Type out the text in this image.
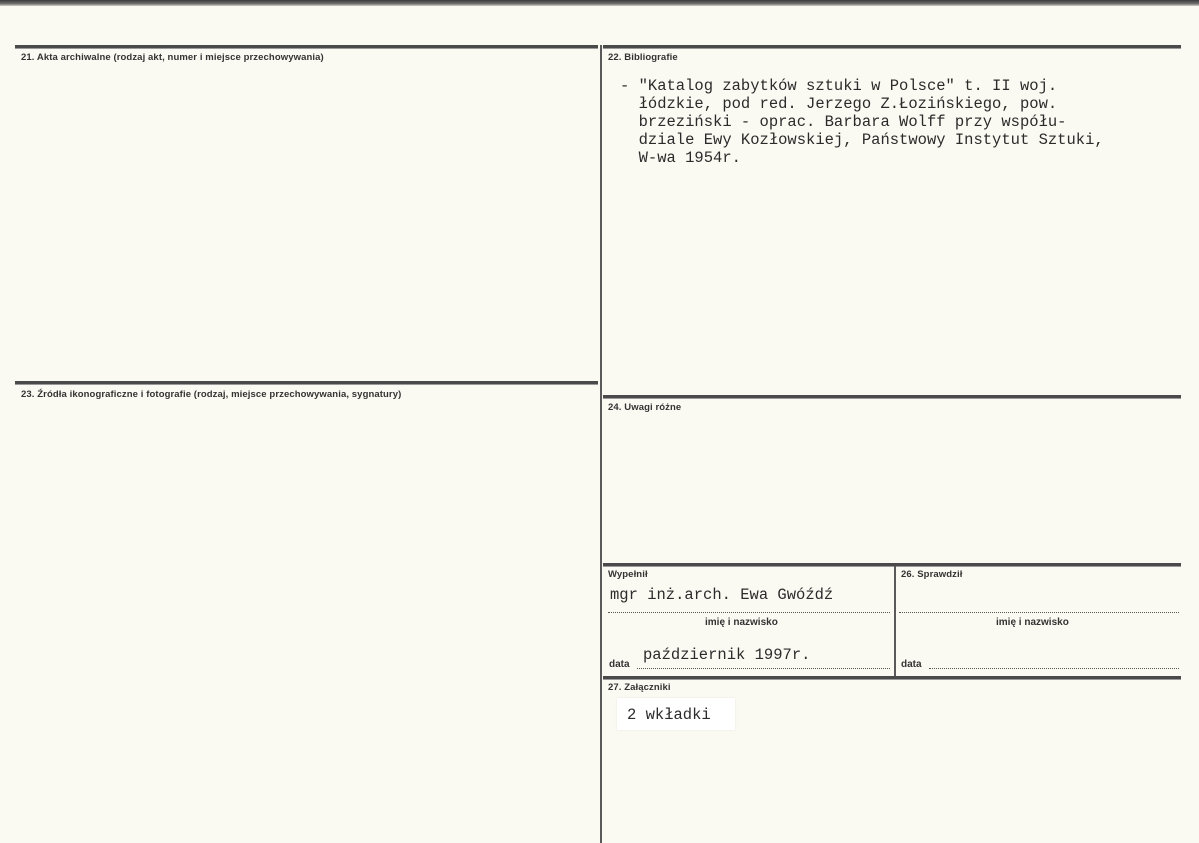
21. Akta archiwalne (rodzaj akt, numer i miejsce przechowywania)	22. Bibliografie
- "Katalog zabytków sztuki w Polsce" t. II woj.
łódzkie, pod red. Jerzego Z.Łozińskiego, pow.
brzeziński - oprac. Barbara Wolff przy współu-
dziale Ewy Kozłowskiej, Państwowy Instytut Sztuki,
W-wa 1954r.
23. Źródła ikonograficzne i fotografie (rodzaj, miejsce przechowywania, sygnatury)
24. Uwagi różne
Wypełnił
mgr inż.arch. Ewa Gwóźdź
imię i nazwisko
październik 1997r.
data
26. Sprawdził
imię i nazwisko
data
27. Załączniki
2 wkładki
